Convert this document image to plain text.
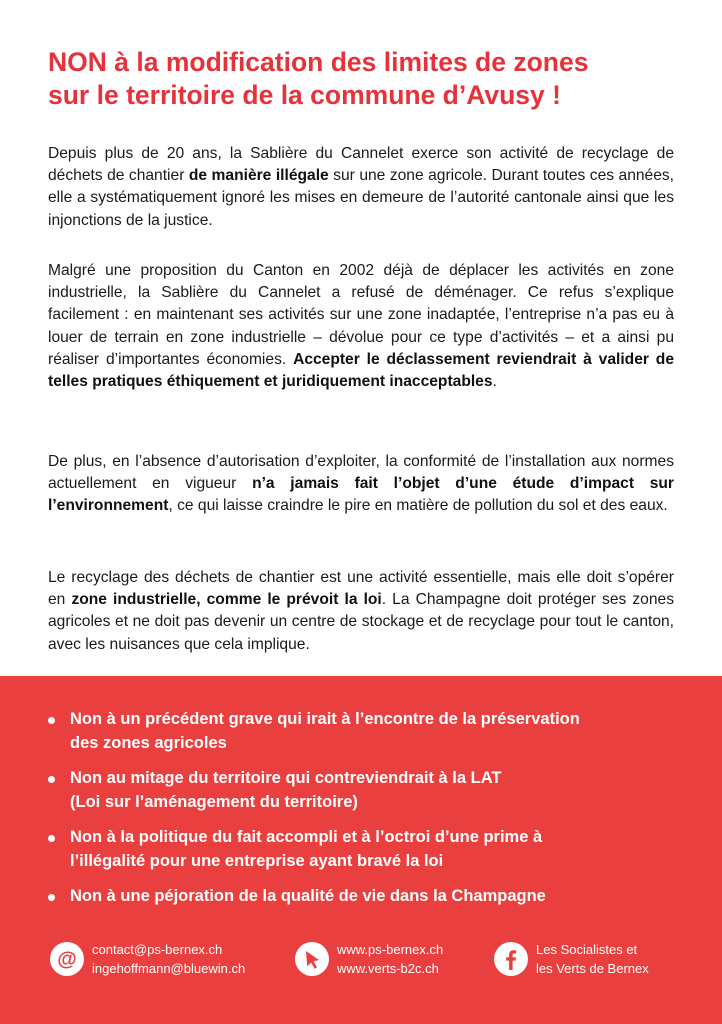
NON à la modification des limites de zones
sur le territoire de la commune d’Avusy !

Depuis plus de 20 ans, la Sablière du Cannelet exerce son activité de recyclage de déchets de chantier de manière illégale sur une zone agricole. Durant toutes ces années, elle a systématiquement ignoré les mises en demeure de l’autorité cantonale ainsi que les injonctions de la justice.

Malgré une proposition du Canton en 2002 déjà de déplacer les activités en zone industrielle, la Sablière du Cannelet a refusé de déménager. Ce refus s’explique facilement : en maintenant ses activités sur une zone inadaptée, l’entreprise n’a pas eu à louer de terrain en zone industrielle – dévolue pour ce type d’activités – et a ainsi pu réaliser d’importantes économies. Accepter le déclassement reviendrait à valider de telles pratiques éthiquement et juridiquement inacceptables.

De plus, en l’absence d’autorisation d’exploiter, la conformité de l’installation aux normes actuellement en vigueur n’a jamais fait l’objet d’une étude d’impact sur l’environnement, ce qui laisse craindre le pire en matière de pollution du sol et des eaux.

Le recyclage des déchets de chantier est une activité essentielle, mais elle doit s’opérer en zone industrielle, comme le prévoit la loi. La Champagne doit protéger ses zones agricoles et ne doit pas devenir un centre de stockage et de recyclage pour tout le canton, avec les nuisances que cela implique.

Non à un précédent grave qui irait à l’encontre de la préservation
des zones agricoles
Non au mitage du territoire qui contreviendrait à la LAT
(Loi sur l’aménagement du territoire)
Non à la politique du fait accompli et à l’octroi d’une prime à
l’illégalité pour une entreprise ayant bravé la loi
Non à une péjoration de la qualité de vie dans la Champagne
@ contact@ps-bernex.ch
ingehoffmann@bluewin.ch
www.ps-bernex.ch
www.verts-b2c.ch
Les Socialistes et
les Verts de Bernex
